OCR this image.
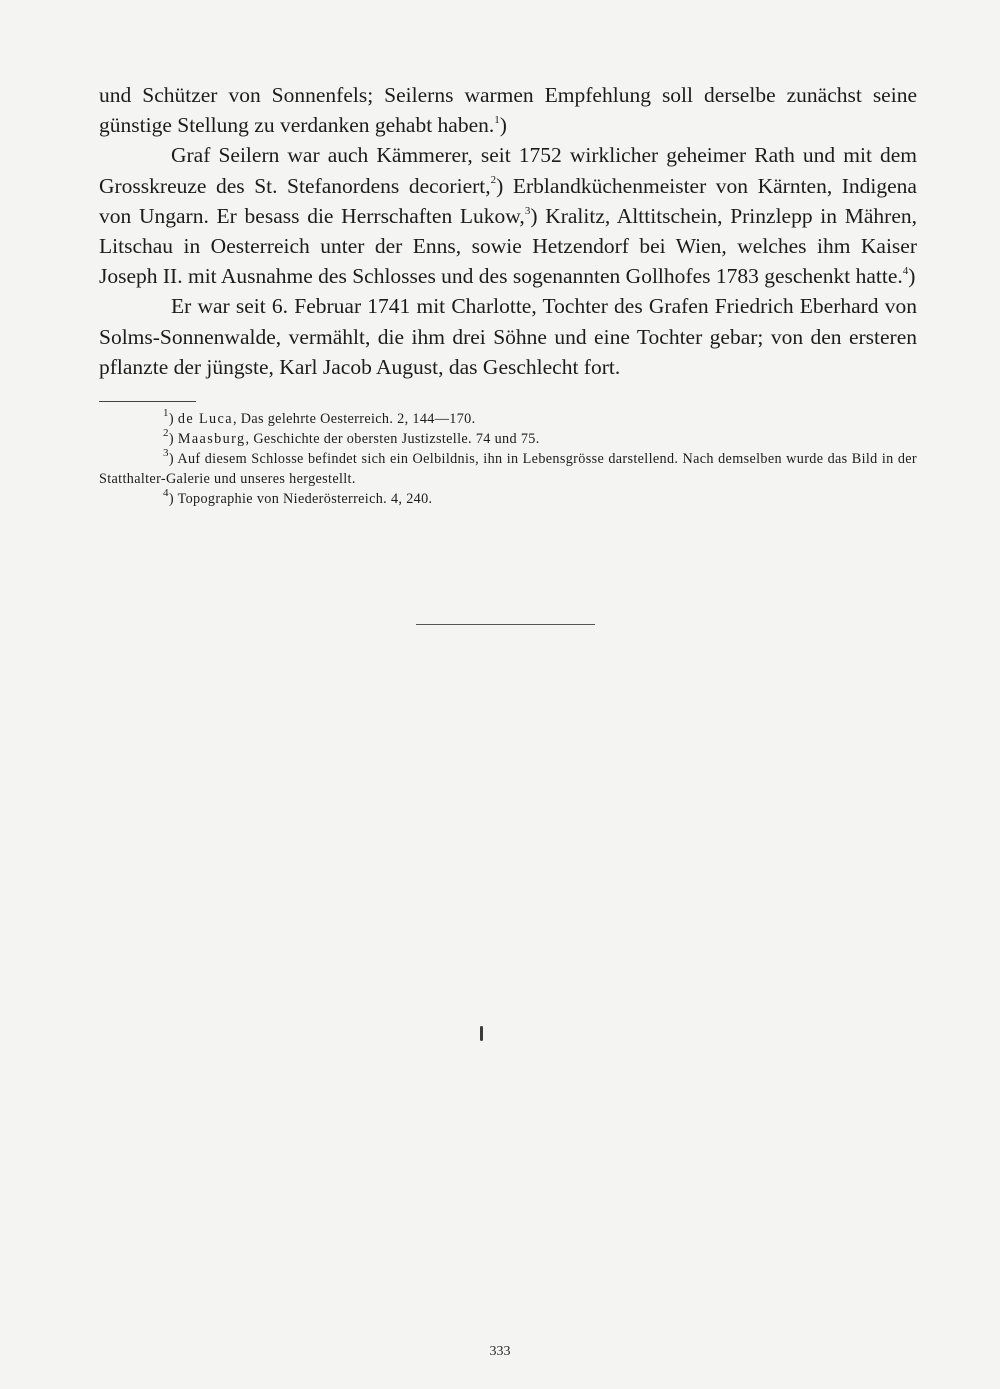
und Schützer von Sonnenfels; Seilerns warmen Empfehlung soll derselbe zunächst seine günstige Stellung zu verdanken gehabt haben.$^1$)

Graf Seilern war auch Kämmerer, seit 1752 wirklicher geheimer Rath und mit dem Grosskreuze des St. Stefanordens decoriert,$^2$) Erblandküchenmeister von Kärnten, Indigena von Ungarn. Er besass die Herrschaften Lukow,$^3$) Kralitz, Alttitschein, Prinzlepp in Mähren, Litschau in Oesterreich unter der Enns, sowie Hetzendorf bei Wien, welches ihm Kaiser Joseph II. mit Ausnahme des Schlosses und des sogenannten Gollhofes 1783 geschenkt hatte.$^4$)

Er war seit 6. Februar 1741 mit Charlotte, Tochter des Grafen Friedrich Eberhard von Solms-Sonnenwalde, vermählt, die ihm drei Söhne und eine Tochter gebar; von den ersteren pflanzte der jüngste, Karl Jacob August, das Geschlecht fort.

$^1$) de Luca, Das gelehrte Oesterreich. 2, 144—170.

$^2$) Maasburg, Geschichte der obersten Justizstelle. 74 und 75.

$^3$) Auf diesem Schlosse befindet sich ein Oelbildnis, ihn in Lebensgrösse darstellend. Nach demselben wurde das Bild in der Statthalter-Galerie und unseres hergestellt.

$^4$) Topographie von Niederösterreich. 4, 240.

333
